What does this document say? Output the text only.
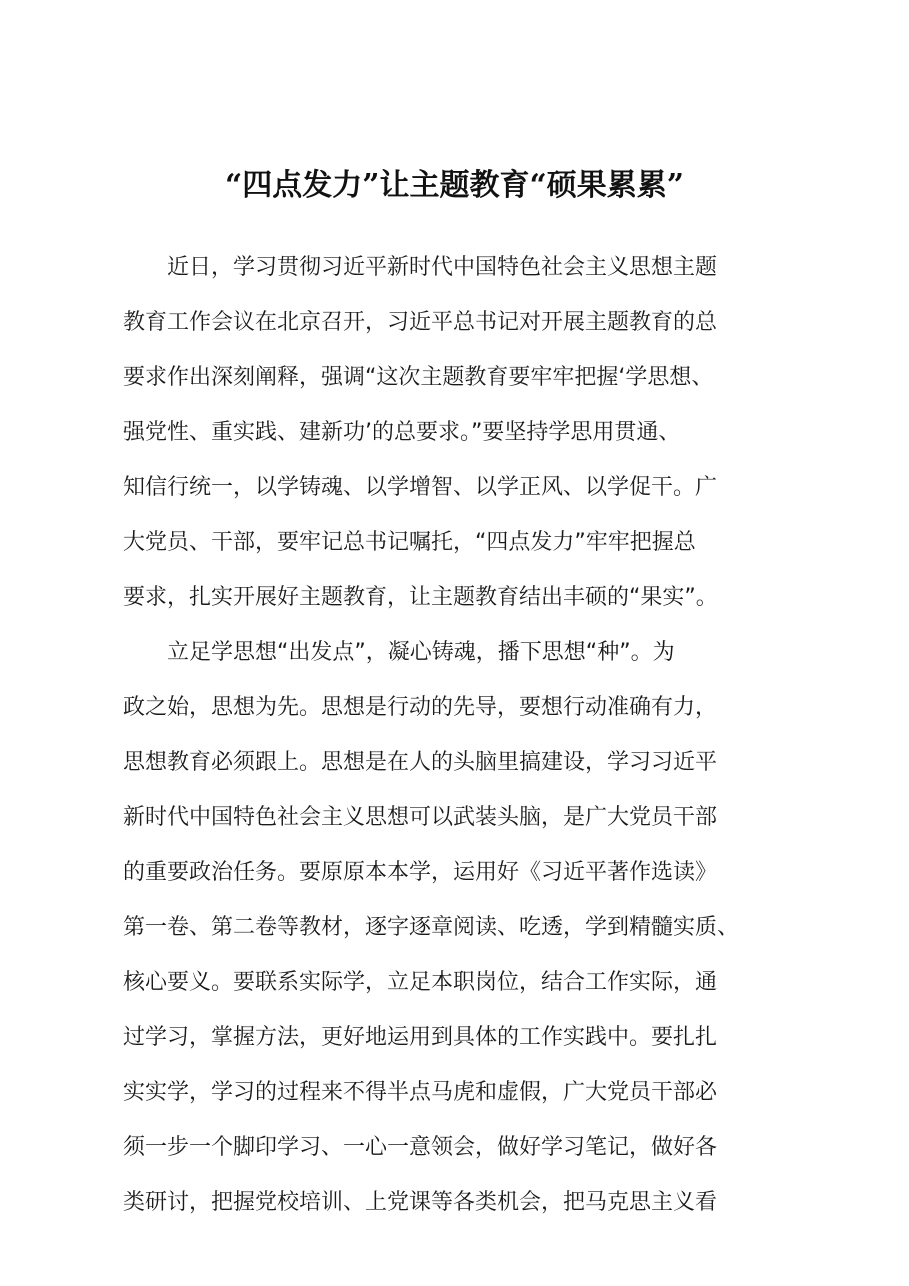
“四点发力”让主题教育“硕果累累”
　　近日，学习贯彻习近平新时代中国特色社会主义思想主题
教育工作会议在北京召开，习近平总书记对开展主题教育的总
要求作出深刻阐释，强调“这次主题教育要牢牢把握‘学思想、
强党性、重实践、建新功’的总要求。”要坚持学思用贯通、
知信行统一，以学铸魂、以学增智、以学正风、以学促干。广
大党员、干部，要牢记总书记嘱托，“四点发力”牢牢把握总
要求，扎实开展好主题教育，让主题教育结出丰硕的“果实”。
　　立足学思想“出发点”，凝心铸魂，播下思想“种”。为
政之始，思想为先。思想是行动的先导，要想行动准确有力，
思想教育必须跟上。思想是在人的头脑里搞建设，学习习近平
新时代中国特色社会主义思想可以武装头脑，是广大党员干部
的重要政治任务。要原原本本学，运用好《习近平著作选读》
第一卷、第二卷等教材，逐字逐章阅读、吃透，学到精髓实质、
核心要义。要联系实际学，立足本职岗位，结合工作实际，通
过学习，掌握方法，更好地运用到具体的工作实践中。要扎扎
实实学，学习的过程来不得半点马虎和虚假，广大党员干部必
须一步一个脚印学习、一心一意领会，做好学习笔记，做好各
类研讨，把握党校培训、上党课等各类机会，把马克思主义看
